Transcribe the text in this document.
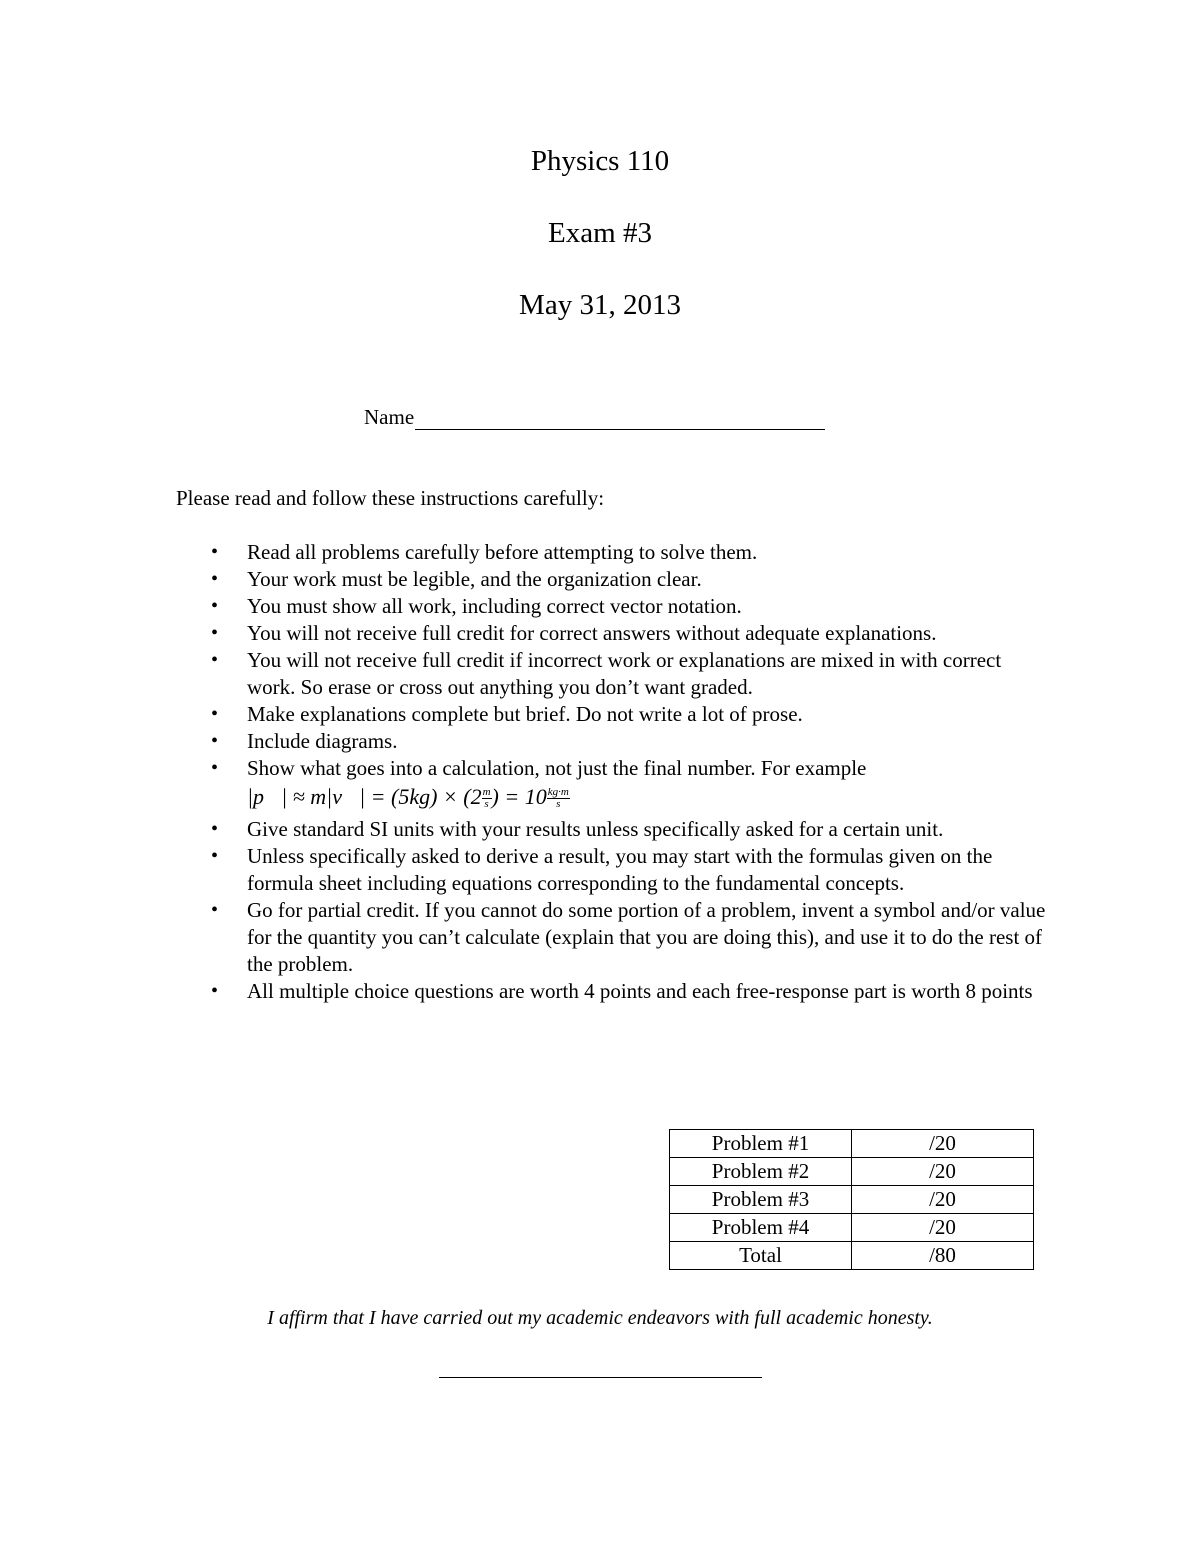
Physics 110
Exam #3
May 31, 2013
Name
Please read and follow these instructions carefully:
• Read all problems carefully before attempting to solve them.
• Your work must be legible, and the organization clear.
• You must show all work, including correct vector notation.
• You will not receive full credit for correct answers without adequate explanations.
• You will not receive full credit if incorrect work or explanations are mixed in with correct work. So erase or cross out anything you don’t want graded.
• Make explanations complete but brief. Do not write a lot of prose.
• Include diagrams.
• Show what goes into a calculation, not just the final number. For example
|p⃗| ≈ m|v⃗| = $(5kg) \times (2 \frac{m}{s}$ ) = $10 \frac{kg\cdot m}{s}$
• Give standard SI units with your results unless specifically asked for a certain unit.
• Unless specifically asked to derive a result, you may start with the formulas given on the formula sheet including equations corresponding to the fundamental concepts.
• Go for partial credit. If you cannot do some portion of a problem, invent a symbol and/or value for the quantity you can’t calculate (explain that you are doing this), and use it to do the rest of the problem.
• All multiple choice questions are worth 4 points and each free-response part is worth 8 points
Problem #1	/20
Problem #2	/20
Problem #3	/20
Problem #4	/20
Total	/80
I affirm that I have carried out my academic endeavors with full academic honesty.
